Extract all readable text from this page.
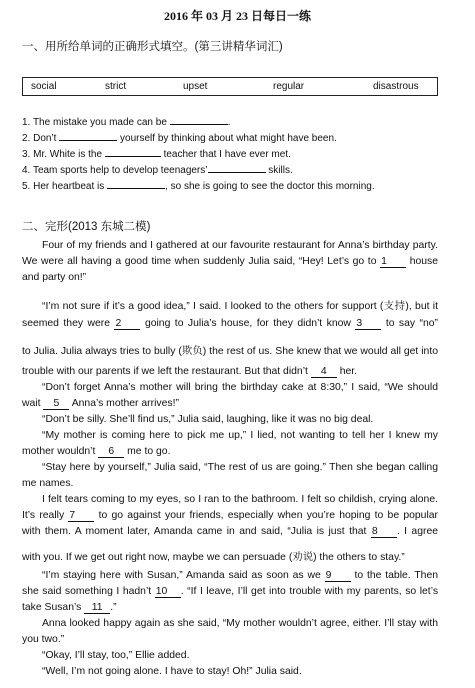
2016 年 03 月 23 日每日一练
一、用所给单词的正确形式填空。(第三讲精华词汇)
social	strict	upset	regular	disastrous
1. The mistake you made can be	.
2. Don’t	yourself by thinking about what might have been.
3. Mr. White is the	teacher that I have ever met.
4. Team sports help to develop teenagers’	skills.
5. Her heartbeat is	, so she is going to see the doctor this morning.
二、完形(2013 东城二模)
Four of my friends and I gathered at our favourite restaurant for Anna’s birthday party.
We were all having a good time when suddenly Julia said, “Hey! Let’s go to 1 house
and party on!”
“I’m not sure if it’s a good idea,” I said. I looked to the others for support (支持), but it
seemed they were 2 going to Julia’s house, for they didn’t know 3 to say “no”
to Julia. Julia always tries to bully (欺负) the rest of us. She knew that we would all get into
trouble with our parents if we left the restaurant. But that didn’t 4 her.
“Don’t forget Anna’s mother will bring the birthday cake at 8:30,” I said, “We should
wait 5 Anna’s mother arrives!”
“Don’t be silly. She’ll find us,” Julia said, laughing, like it was no big deal.
“My mother is coming here to pick me up,” I lied, not wanting to tell her I knew my
mother wouldn’t 6 me to go.
“Stay here by yourself,” Julia said, “The rest of us are going.” Then she began calling
me names.
I felt tears coming to my eyes, so I ran to the bathroom. I felt so childish, crying alone.
It’s really 7 to go against your friends, especially when you’re hoping to be popular
with them. A moment later, Amanda came in and said, “Julia is just that 8 . I agree
with you. If we get out right now, maybe we can persuade (劝说) the others to stay.”
“I’m staying here with Susan,” Amanda said as soon as we 9 to the table. Then
she said something I hadn’t 10 . “If I leave, I’ll get into trouble with my parents, so let’s
take Susan’s 11 .”
Anna looked happy again as she said, “My mother wouldn’t agree, either. I’ll stay with
you two.”
“Okay, I’ll stay, too,” Ellie added.
“Well, I’m not going alone. I have to stay! Oh!” Julia said.
